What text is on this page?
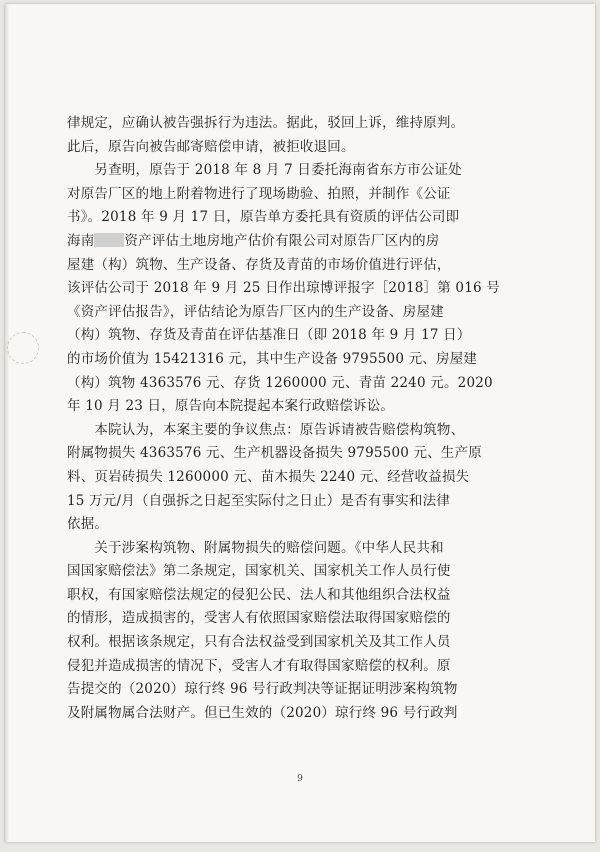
律规定，应确认被告强拆行为违法。据此，驳回上诉，维持原判。
此后，原告向被告邮寄赔偿申请，被拒收退回。
　　另查明，原告于 2018 年 8 月 7 日委托海南省东方市公证处
对原告厂区的地上附着物进行了现场勘验、拍照，并制作《公证
书》。2018 年 9 月 17 日，原告单方委托具有资质的评估公司即
海南 资产评估土地房地产估价有限公司对原告厂区内的房
屋建（构）筑物、生产设备、存货及青苗的市场价值进行评估，
该评估公司于 2018 年 9 月 25 日作出琼博评报字［2018］第 016 号
《资产评估报告》，评估结论为原告厂区内的生产设备、房屋建
（构）筑物、存货及青苗在评估基准日（即 2018 年 9 月 17 日）
的市场价值为 15421316 元，其中生产设备 9795500 元、房屋建
（构）筑物 4363576 元、存货 1260000 元、青苗 2240 元。2020
年 10 月 23 日，原告向本院提起本案行政赔偿诉讼。
　　本院认为，本案主要的争议焦点：原告诉请被告赔偿构筑物、
附属物损失 4363576 元、生产机器设备损失 9795500 元、生产原
料、页岩砖损失 1260000 元、苗木损失 2240 元、经营收益损失
15 万元/月（自强拆之日起至实际付之日止）是否有事实和法律
依据。
　　关于涉案构筑物、附属物损失的赔偿问题。《中华人民共和
国国家赔偿法》第二条规定，国家机关、国家机关工作人员行使
职权，有国家赔偿法规定的侵犯公民、法人和其他组织合法权益
的情形，造成损害的，受害人有依照国家赔偿法取得国家赔偿的
权利。根据该条规定，只有合法权益受到国家机关及其工作人员
侵犯并造成损害的情况下，受害人才有取得国家赔偿的权利。原
告提交的（2020）琼行终 96 号行政判决等证据证明涉案构筑物
及附属物属合法财产。但已生效的（2020）琼行终 96 号行政判
9
